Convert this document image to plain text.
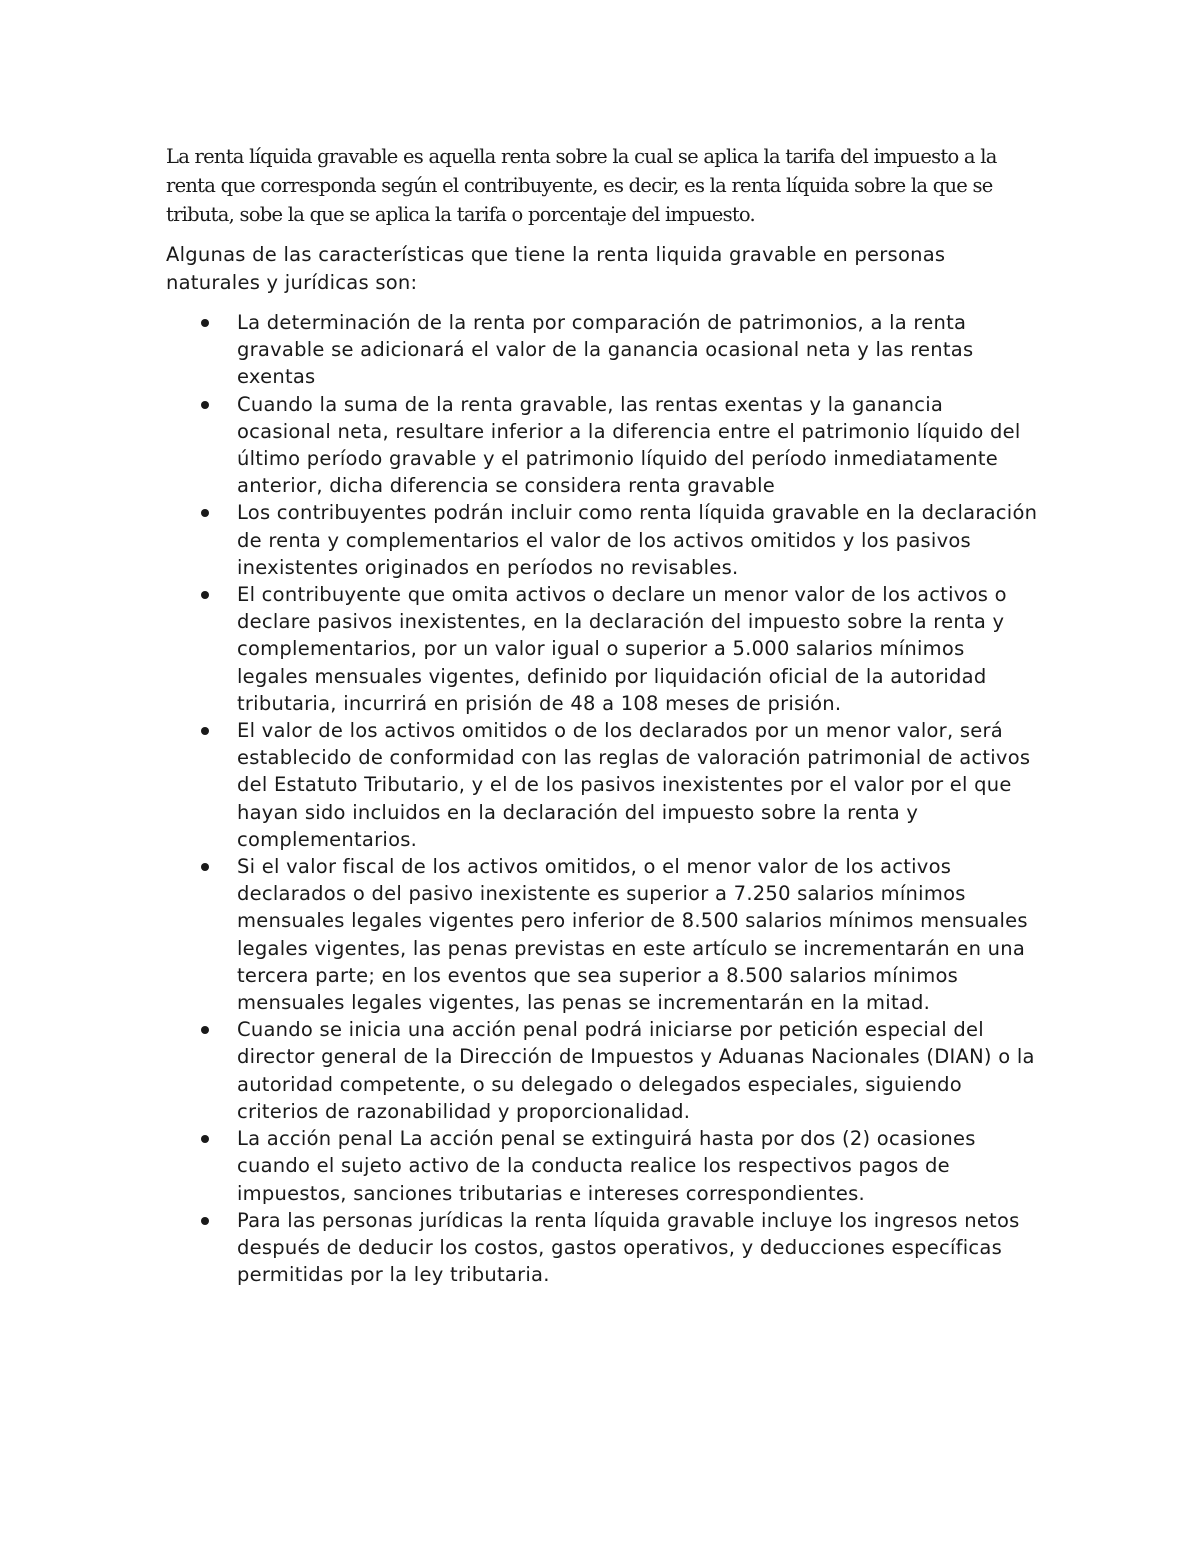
La renta líquida gravable es aquella renta sobre la cual se aplica la tarifa del impuesto a la renta que corresponda según el contribuyente, es decir, es la renta líquida sobre la que se tributa, sobe la que se aplica la tarifa o porcentaje del impuesto.

Algunas de las características que tiene la renta liquida gravable en personas naturales y jurídicas son:

La determinación de la renta por comparación de patrimonios, a la renta gravable se adicionará el valor de la ganancia ocasional neta y las rentas exentas
Cuando la suma de la renta gravable, las rentas exentas y la ganancia ocasional neta, resultare inferior a la diferencia entre el patrimonio líquido del último período gravable y el patrimonio líquido del período inmediatamente anterior, dicha diferencia se considera renta gravable
Los contribuyentes podrán incluir como renta líquida gravable en la declaración de renta y complementarios el valor de los activos omitidos y los pasivos inexistentes originados en períodos no revisables.
El contribuyente que omita activos o declare un menor valor de los activos o declare pasivos inexistentes, en la declaración del impuesto sobre la renta y complementarios, por un valor igual o superior a 5.000 salarios mínimos legales mensuales vigentes, definido por liquidación oficial de la autoridad tributaria, incurrirá en prisión de 48 a 108 meses de prisión.
El valor de los activos omitidos o de los declarados por un menor valor, será establecido de conformidad con las reglas de valoración patrimonial de activos del Estatuto Tributario, y el de los pasivos inexistentes por el valor por el que hayan sido incluidos en la declaración del impuesto sobre la renta y complementarios.
Si el valor fiscal de los activos omitidos, o el menor valor de los activos declarados o del pasivo inexistente es superior a 7.250 salarios mínimos mensuales legales vigentes pero inferior de 8.500 salarios mínimos mensuales legales vigentes, las penas previstas en este artículo se incrementarán en una tercera parte; en los eventos que sea superior a 8.500 salarios mínimos mensuales legales vigentes, las penas se incrementarán en la mitad.
Cuando se inicia una acción penal podrá iniciarse por petición especial del director general de la Dirección de Impuestos y Aduanas Nacionales (DIAN) o la autoridad competente, o su delegado o delegados especiales, siguiendo criterios de razonabilidad y proporcionalidad.
La acción penal La acción penal se extinguirá hasta por dos (2) ocasiones cuando el sujeto activo de la conducta realice los respectivos pagos de impuestos, sanciones tributarias e intereses correspondientes.
Para las personas jurídicas la renta líquida gravable incluye los ingresos netos después de deducir los costos, gastos operativos, y deducciones específicas permitidas por la ley tributaria.
